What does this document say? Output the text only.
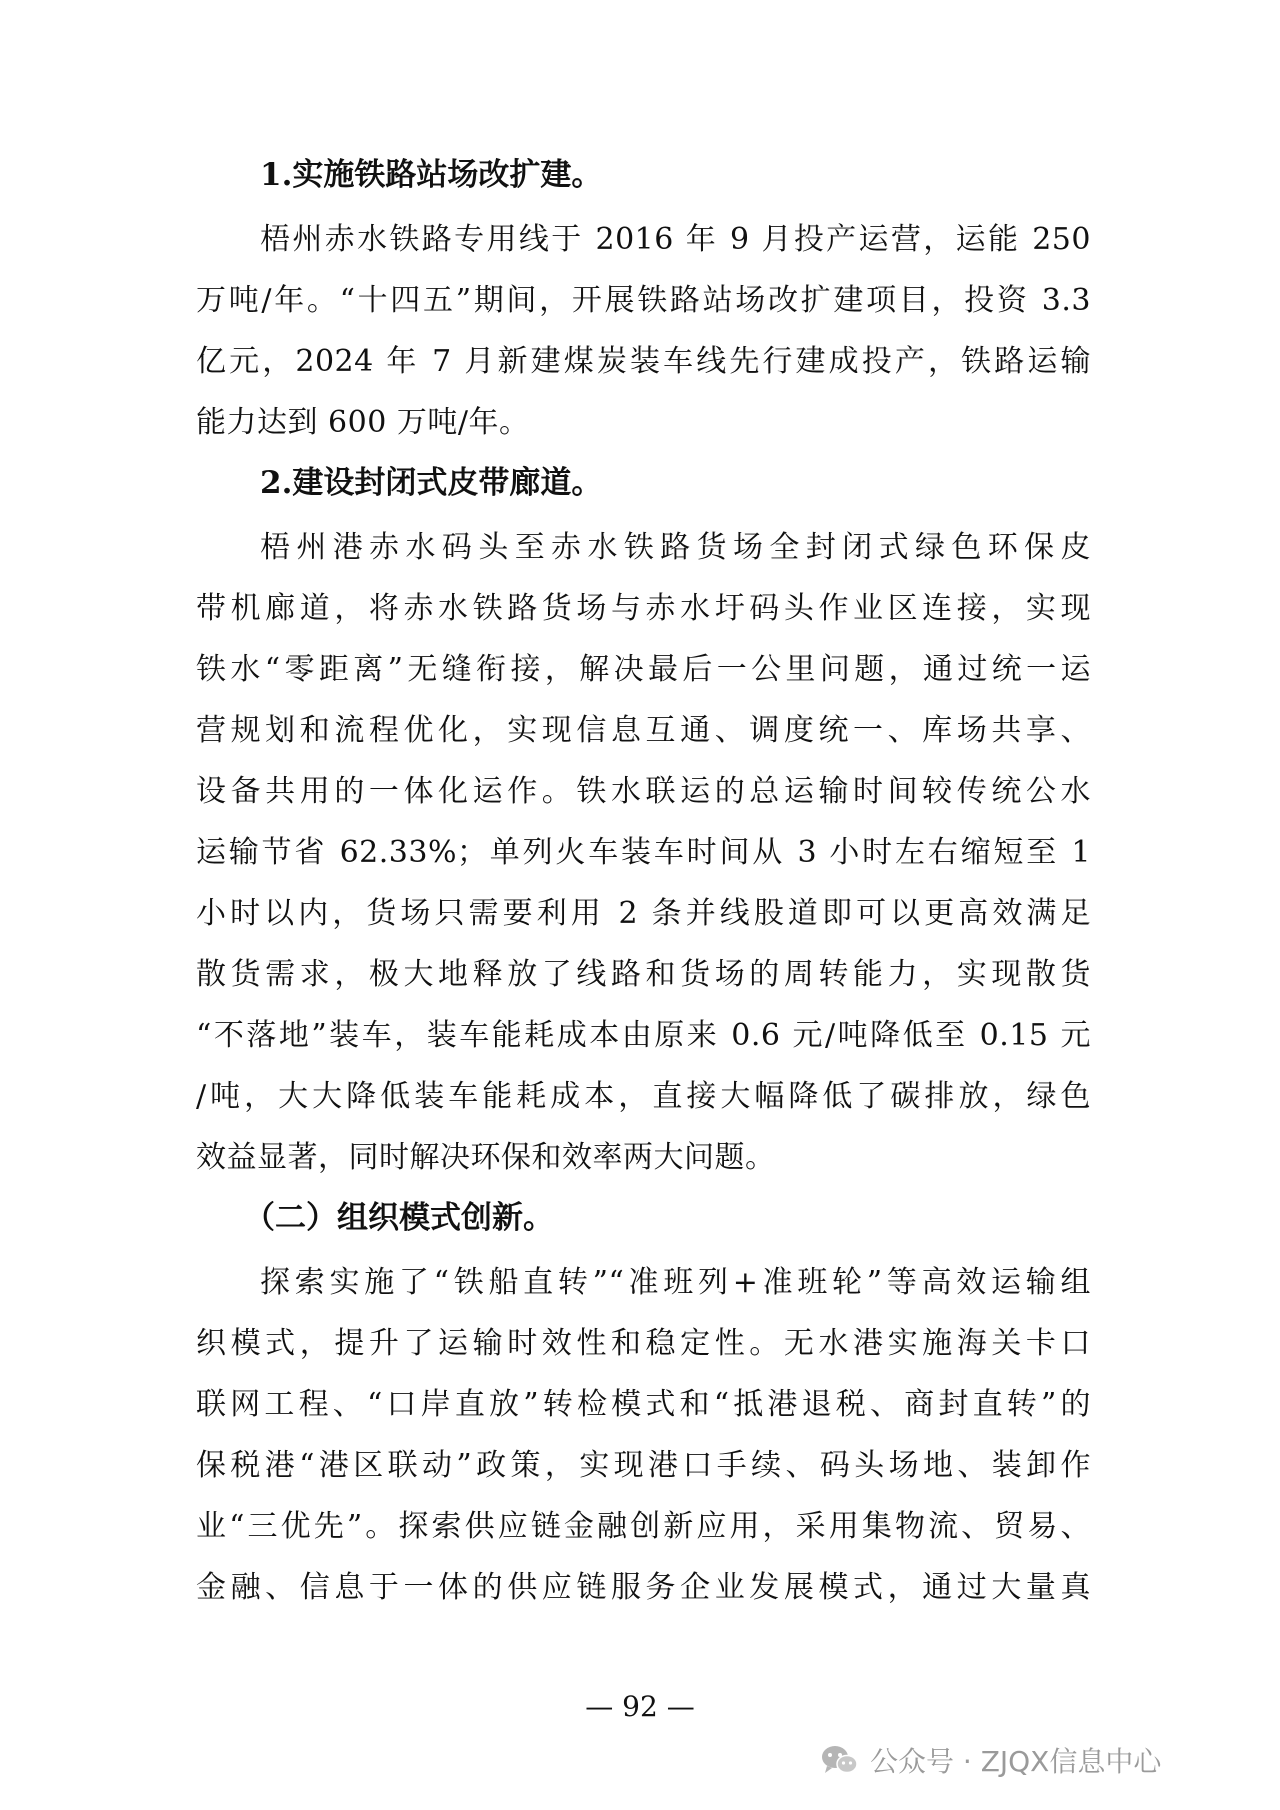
1.实施铁路站场改扩建。
梧州赤水铁路专用线于 2016 年 9 月投产运营，运能 250
万吨/年。“十四五”期间，开展铁路站场改扩建项目，投资 3.3
亿元，2024 年 7 月新建煤炭装车线先行建成投产，铁路运输
能力达到 600 万吨/年。
2.建设封闭式皮带廊道。
梧州港赤水码头至赤水铁路货场全封闭式绿色环保皮
带机廊道，将赤水铁路货场与赤水圩码头作业区连接，实现
铁水“零距离”无缝衔接，解决最后一公里问题，通过统一运
营规划和流程优化，实现信息互通、调度统一、库场共享、
设备共用的一体化运作。铁水联运的总运输时间较传统公水
运输节省 62.33%；单列火车装车时间从 3 小时左右缩短至 1
小时以内，货场只需要利用 2 条并线股道即可以更高效满足
散货需求，极大地释放了线路和货场的周转能力，实现散货
“不落地”装车，装车能耗成本由原来 0.6 元/吨降低至 0.15 元
/吨，大大降低装车能耗成本，直接大幅降低了碳排放，绿色
效益显著，同时解决环保和效率两大问题。
（二）组织模式创新。
探索实施了“铁船直转”“准班列+准班轮”等高效运输组
织模式，提升了运输时效性和稳定性。无水港实施海关卡口
联网工程、“口岸直放”转检模式和“抵港退税、商封直转”的
保税港“港区联动”政策，实现港口手续、码头场地、装卸作
业“三优先”。探索供应链金融创新应用，采用集物流、贸易、
金融、信息于一体的供应链服务企业发展模式，通过大量真
— 92 —
公众号 · ZJQX信息中心
